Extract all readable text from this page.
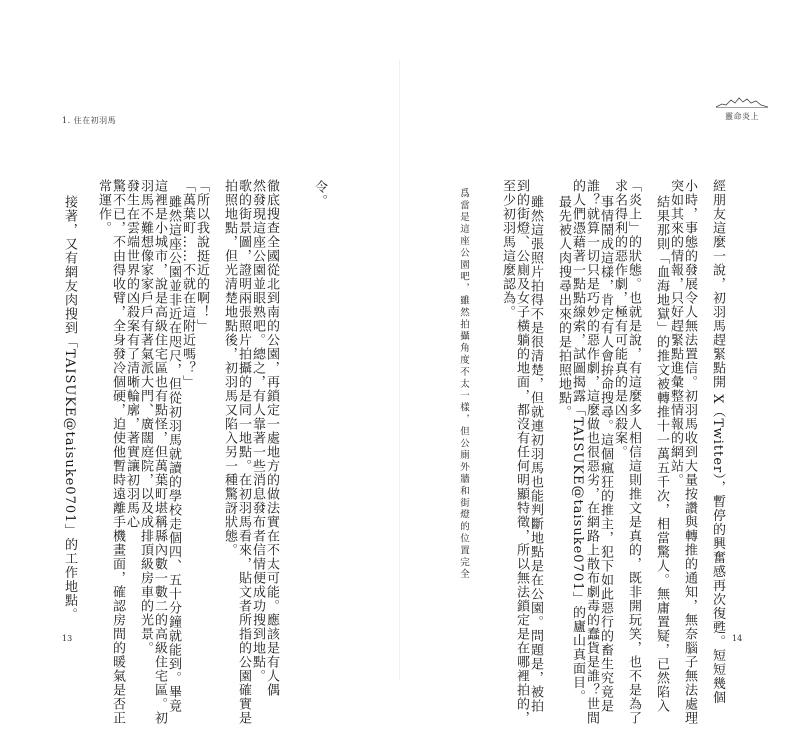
1. 住在初羽馬
接著，又有網友肉搜到「TAISUKE@taisuke0701」的工作地點。 常運作。 驚不已，不由得收臂，全身發冷個硬，迫使他暫時遠離手機畫面，確認房間的暖氣是否正 發生在雲端世界的凶殺案有了清晰輪廓，著實讓初羽馬心 羽馬不難想像家家戶戶有著氣派大門、廣闊庭院，以及成排頂級房車的光景。 這裡是小城市，說是高級住宅區也有點怪，但萬葉町堪稱縣內數一數二的高級住宅區。初 雖然這座公園並非近在咫尺，但從初羽馬就讀的學校走個四、五十分鐘就能到。畢竟 「萬葉町……不就在這附近嗎？」 「所以我說挺近的啊！」 拍照地點，但光清楚地點後，初羽馬又陷入另一種驚訝狀態。 歌的街景圖，證明兩張照片拍攝的是同一地點。在初羽馬看來，貼文者所指的公園確實是 然發現這座公園並眼熟吧。總之，有人靠著一些消息發布者信情便成功搜到地點。 徹底搜查全國從北到南的公園，再鎖定一處地方的做法實在不太可能。應該是有人偶	令。
13
靈命炎上
爲當是這座公園吧，雖然拍攝角度不太一樣，但公廁外牆和街燈的位置完全 至少初羽馬這麼認為。 到的街燈、公廁及女子橫躺的地面，都沒有任何明顯特徵，所以無法鎖定是在哪裡拍的， 雖然這張照片拍得不是很清楚，但就連初羽馬也能判斷地點是在公園。問題是，被拍 最先被人肉搜尋出來的是拍照地點。 的人們憑藉著一點點線索，試圖揭露「TAISUKE@taisuke0701」的廬山真面目。 誰？就算一切只是巧妙的惡作劇，這麼做也很惡劣，在網路上散布劇毒的蠢貨是誰？世間 事情鬧成這樣，肯定有人會拚命搜尋。這個瘋狂的推主，犯下如此惡行的畜生究竟是 求名得利的惡作劇，極有可能真的是凶殺案。 「炎上」的狀態。也就是說，有這麼多人相信這則推文是真的，既非開玩笑，也不是為了 結果那則「血海地獄」的推文被轉推十一萬五千次，相當驚人。無庸置疑，已然陷入 突如其來的情報，只好趕緊點進彙整情報的網站。 小時，事態的發展令人無法置信。初羽馬收到大量按讚與轉推的通知，無奈腦子無法處理 經朋友這麼一說，初羽馬趕緊點開 X（Twitter），暫停的興奮感再次復甦。短短幾個 14
